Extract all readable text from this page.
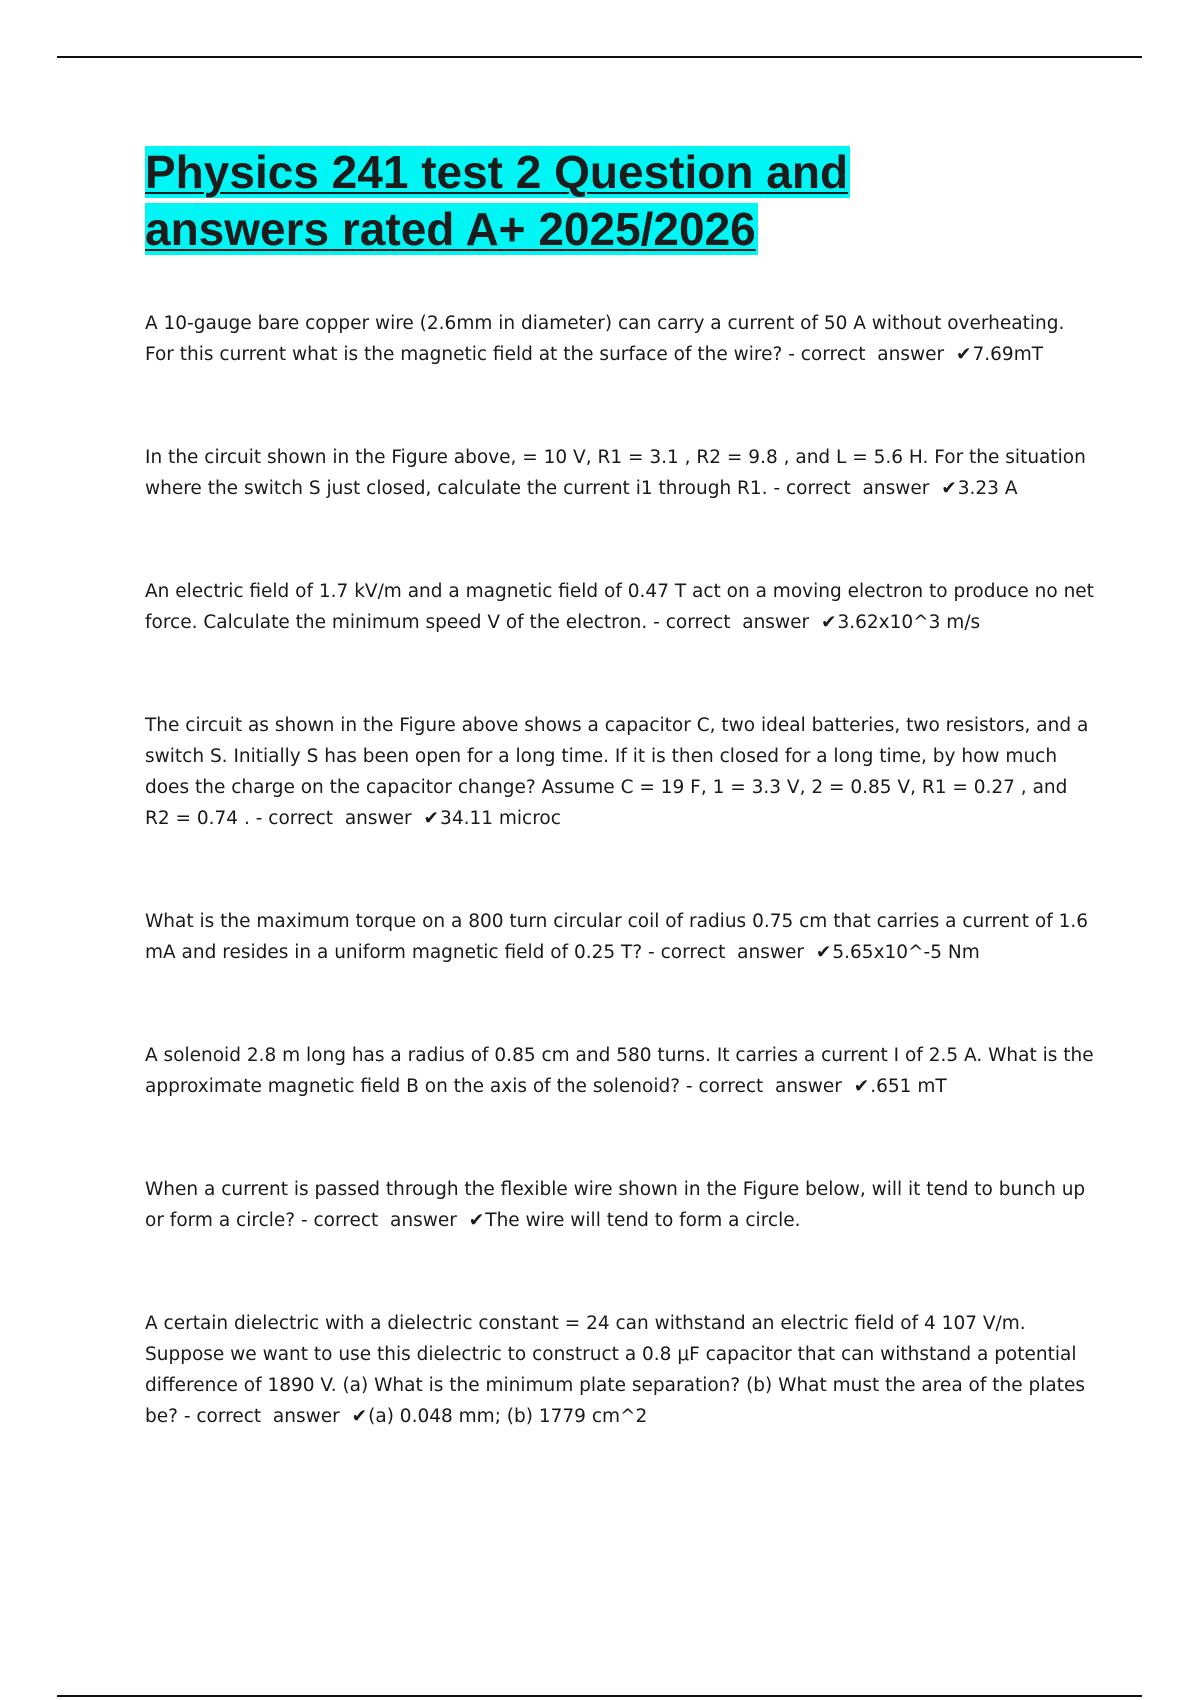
Physics 241 test 2 Question and
answers rated A+ 2025/2026

A 10-gauge bare copper wire (2.6mm in diameter) can carry a current of 50 A without overheating. For this current what is the magnetic field at the surface of the wire? - correct  answer ✔7.69mT

In the circuit shown in the Figure above, = 10 V, R1 = 3.1 , R2 = 9.8 , and L = 5.6 H. For the situation where the switch S just closed, calculate the current i1 through R1. - correct  answer ✔3.23 A

An electric field of 1.7 kV/m and a magnetic field of 0.47 T act on a moving electron to produce no net force. Calculate the minimum speed V of the electron. - correct  answer ✔3.62x10^3 m/s

The circuit as shown in the Figure above shows a capacitor C, two ideal batteries, two resistors, and a switch S. Initially S has been open for a long time. If it is then closed for a long time, by how much does the charge on the capacitor change? Assume C = 19 F, 1 = 3.3 V, 2 = 0.85 V, R1 = 0.27 , and R2 = 0.74 . - correct  answer ✔34.11 microc

What is the maximum torque on a 800 turn circular coil of radius 0.75 cm that carries a current of 1.6 mA and resides in a uniform magnetic field of 0.25 T? - correct  answer ✔5.65x10^-5 Nm

A solenoid 2.8 m long has a radius of 0.85 cm and 580 turns. It carries a current I of 2.5 A. What is the approximate magnetic field B on the axis of the solenoid? - correct  answer ✔.651 mT

When a current is passed through the flexible wire shown in the Figure below, will it tend to bunch up or form a circle? - correct  answer ✔The wire will tend to form a circle.

A certain dielectric with a dielectric constant = 24 can withstand an electric field of 4 107 V/m. Suppose we want to use this dielectric to construct a 0.8 μF capacitor that can withstand a potential difference of 1890 V. (a) What is the minimum plate separation? (b) What must the area of the plates be? - correct  answer ✔(a) 0.048 mm; (b) 1779 cm^2
